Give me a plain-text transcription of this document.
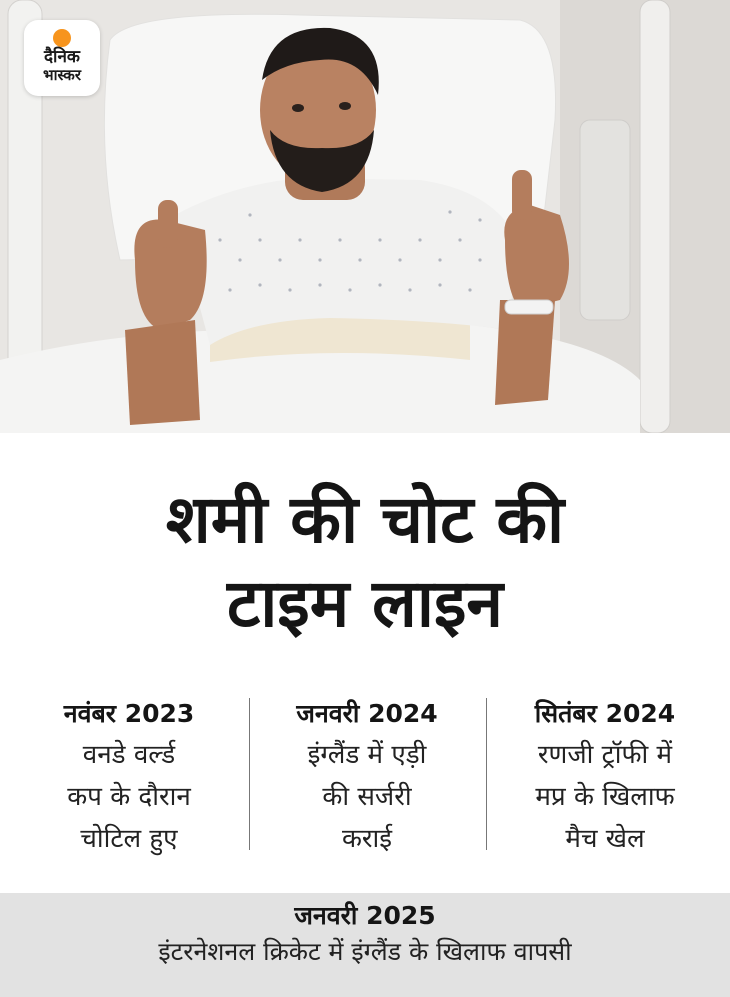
दैनिक
भास्कर
शमी की चोट की
टाइम लाइन
नवंबर 2023
वनडे वर्ल्ड
कप के दौरान
चोटिल हुए
जनवरी 2024
इंग्लैंड में एड़ी
की सर्जरी
कराई
सितंबर 2024
रणजी ट्रॉफी में
मप्र के खिलाफ
मैच खेल
जनवरी 2025
इंटरनेशनल क्रिकेट में इंग्लैंड के खिलाफ वापसी
